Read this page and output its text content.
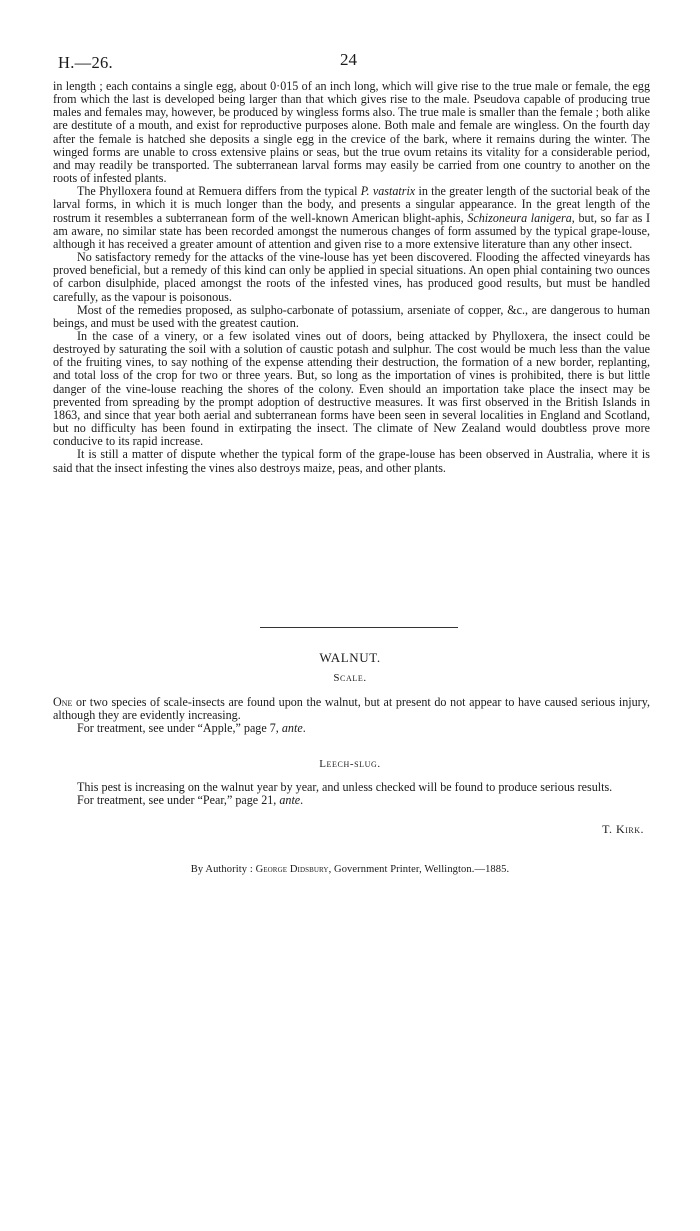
H.—26.	24

in length ; each contains a single egg, about 0·015 of an inch long, which will give rise to the true male or female, the egg from which the last is developed being larger than that which gives rise to the male. Pseudova capable of producing true males and females may, however, be produced by wingless forms also. The true male is smaller than the female ; both alike are destitute of a mouth, and exist for reproductive purposes alone. Both male and female are wingless. On the fourth day after the female is hatched she deposits a single egg in the crevice of the bark, where it remains during the winter. The winged forms are unable to cross extensive plains or seas, but the true ovum retains its vitality for a considerable period, and may readily be transported. The subterranean larval forms may easily be carried from one country to another on the roots of infested plants.

The Phylloxera found at Remuera differs from the typical P. vastatrix in the greater length of the suctorial beak of the larval forms, in which it is much longer than the body, and presents a singular appearance. In the great length of the rostrum it resembles a subterranean form of the well-known American blight-aphis, Schizoneura lanigera, but, so far as I am aware, no similar state has been recorded amongst the numerous changes of form assumed by the typical grape-louse, although it has received a greater amount of attention and given rise to a more extensive literature than any other insect.

No satisfactory remedy for the attacks of the vine-louse has yet been discovered. Flooding the affected vineyards has proved beneficial, but a remedy of this kind can only be applied in special situations. An open phial containing two ounces of carbon disulphide, placed amongst the roots of the infested vines, has produced good results, but must be handled carefully, as the vapour is poisonous.

Most of the remedies proposed, as sulpho-carbonate of potassium, arseniate of copper, &c., are dangerous to human beings, and must be used with the greatest caution.

In the case of a vinery, or a few isolated vines out of doors, being attacked by Phylloxera, the insect could be destroyed by saturating the soil with a solution of caustic potash and sulphur. The cost would be much less than the value of the fruiting vines, to say nothing of the expense attending their destruction, the formation of a new border, replanting, and total loss of the crop for two or three years. But, so long as the importation of vines is prohibited, there is but little danger of the vine-louse reaching the shores of the colony. Even should an importation take place the insect may be prevented from spreading by the prompt adoption of destructive measures. It was first observed in the British Islands in 1863, and since that year both aerial and subterranean forms have been seen in several localities in England and Scotland, but no difficulty has been found in extirpating the insect. The climate of New Zealand would doubtless prove more conducive to its rapid increase.

It is still a matter of dispute whether the typical form of the grape-louse has been observed in Australia, where it is said that the insect infesting the vines also destroys maize, peas, and other plants.

WALNUT.
Scale.

One or two species of scale-insects are found upon the walnut, but at present do not appear to have caused serious injury, although they are evidently increasing.

For treatment, see under “Apple,” page 7, ante.

Leech-slug.

This pest is increasing on the walnut year by year, and unless checked will be found to produce serious results.

For treatment, see under “Pear,” page 21, ante.

T. Kirk.
By Authority : George Didsbury, Government Printer, Wellington.—1885.
